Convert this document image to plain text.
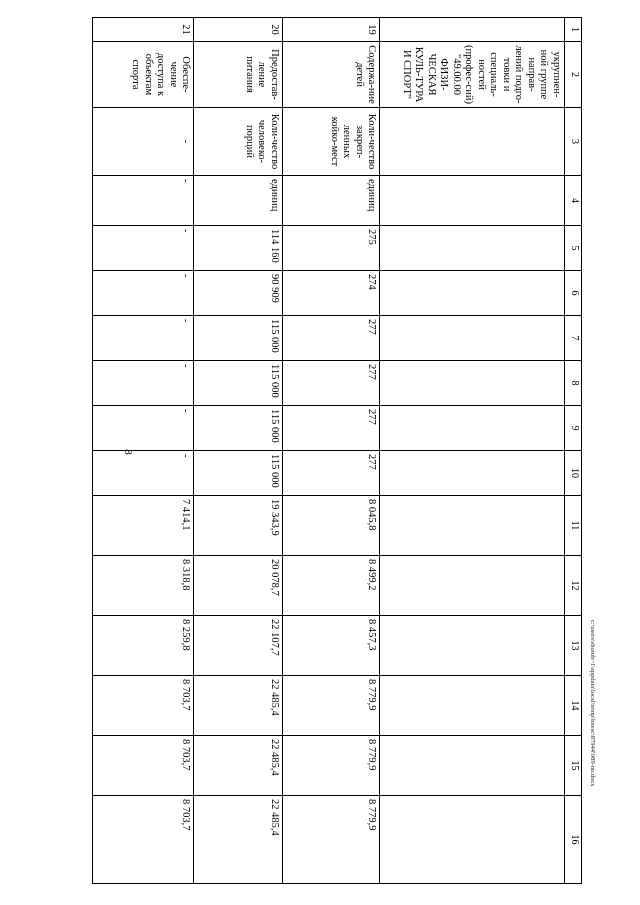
8
1	2	3	4	5	6	7	8	9	10	11	12	13	14	15	16
	укрупнен-ной группе направ-лений подго-товки и специаль-ностей (профес-сий) "49.00.00 ФИЗИ-ЧЕСКАЯ КУЛЬ-ТУРА И СПОРТ"														
19	Содержа-ние детей	Коли-чество закреп-ленных койко-мест	единиц	275	274	277	277	277	277	8 045,8	8 499,2	8 457,3	8 779,9	8 779,9	8 779,9
20	Предостав-ление питания	Коли-чество человеко-порций	единиц	114 160	90 909	115 000	115 000	115 000	115 000	19 343,9	20 078,7	22 107,7	22 485,4	22 485,4	22 485,4
21	Обеспе-чение доступа к объектам спорта	-	-	-	-	-	-	-	-	7 414,1	8 318,8	8 259,8	8 703,7	8 703,7	8 703,7
c:\users\shoroh~1\appdata\local\temp\bnesc\87944\989-nn.docx
